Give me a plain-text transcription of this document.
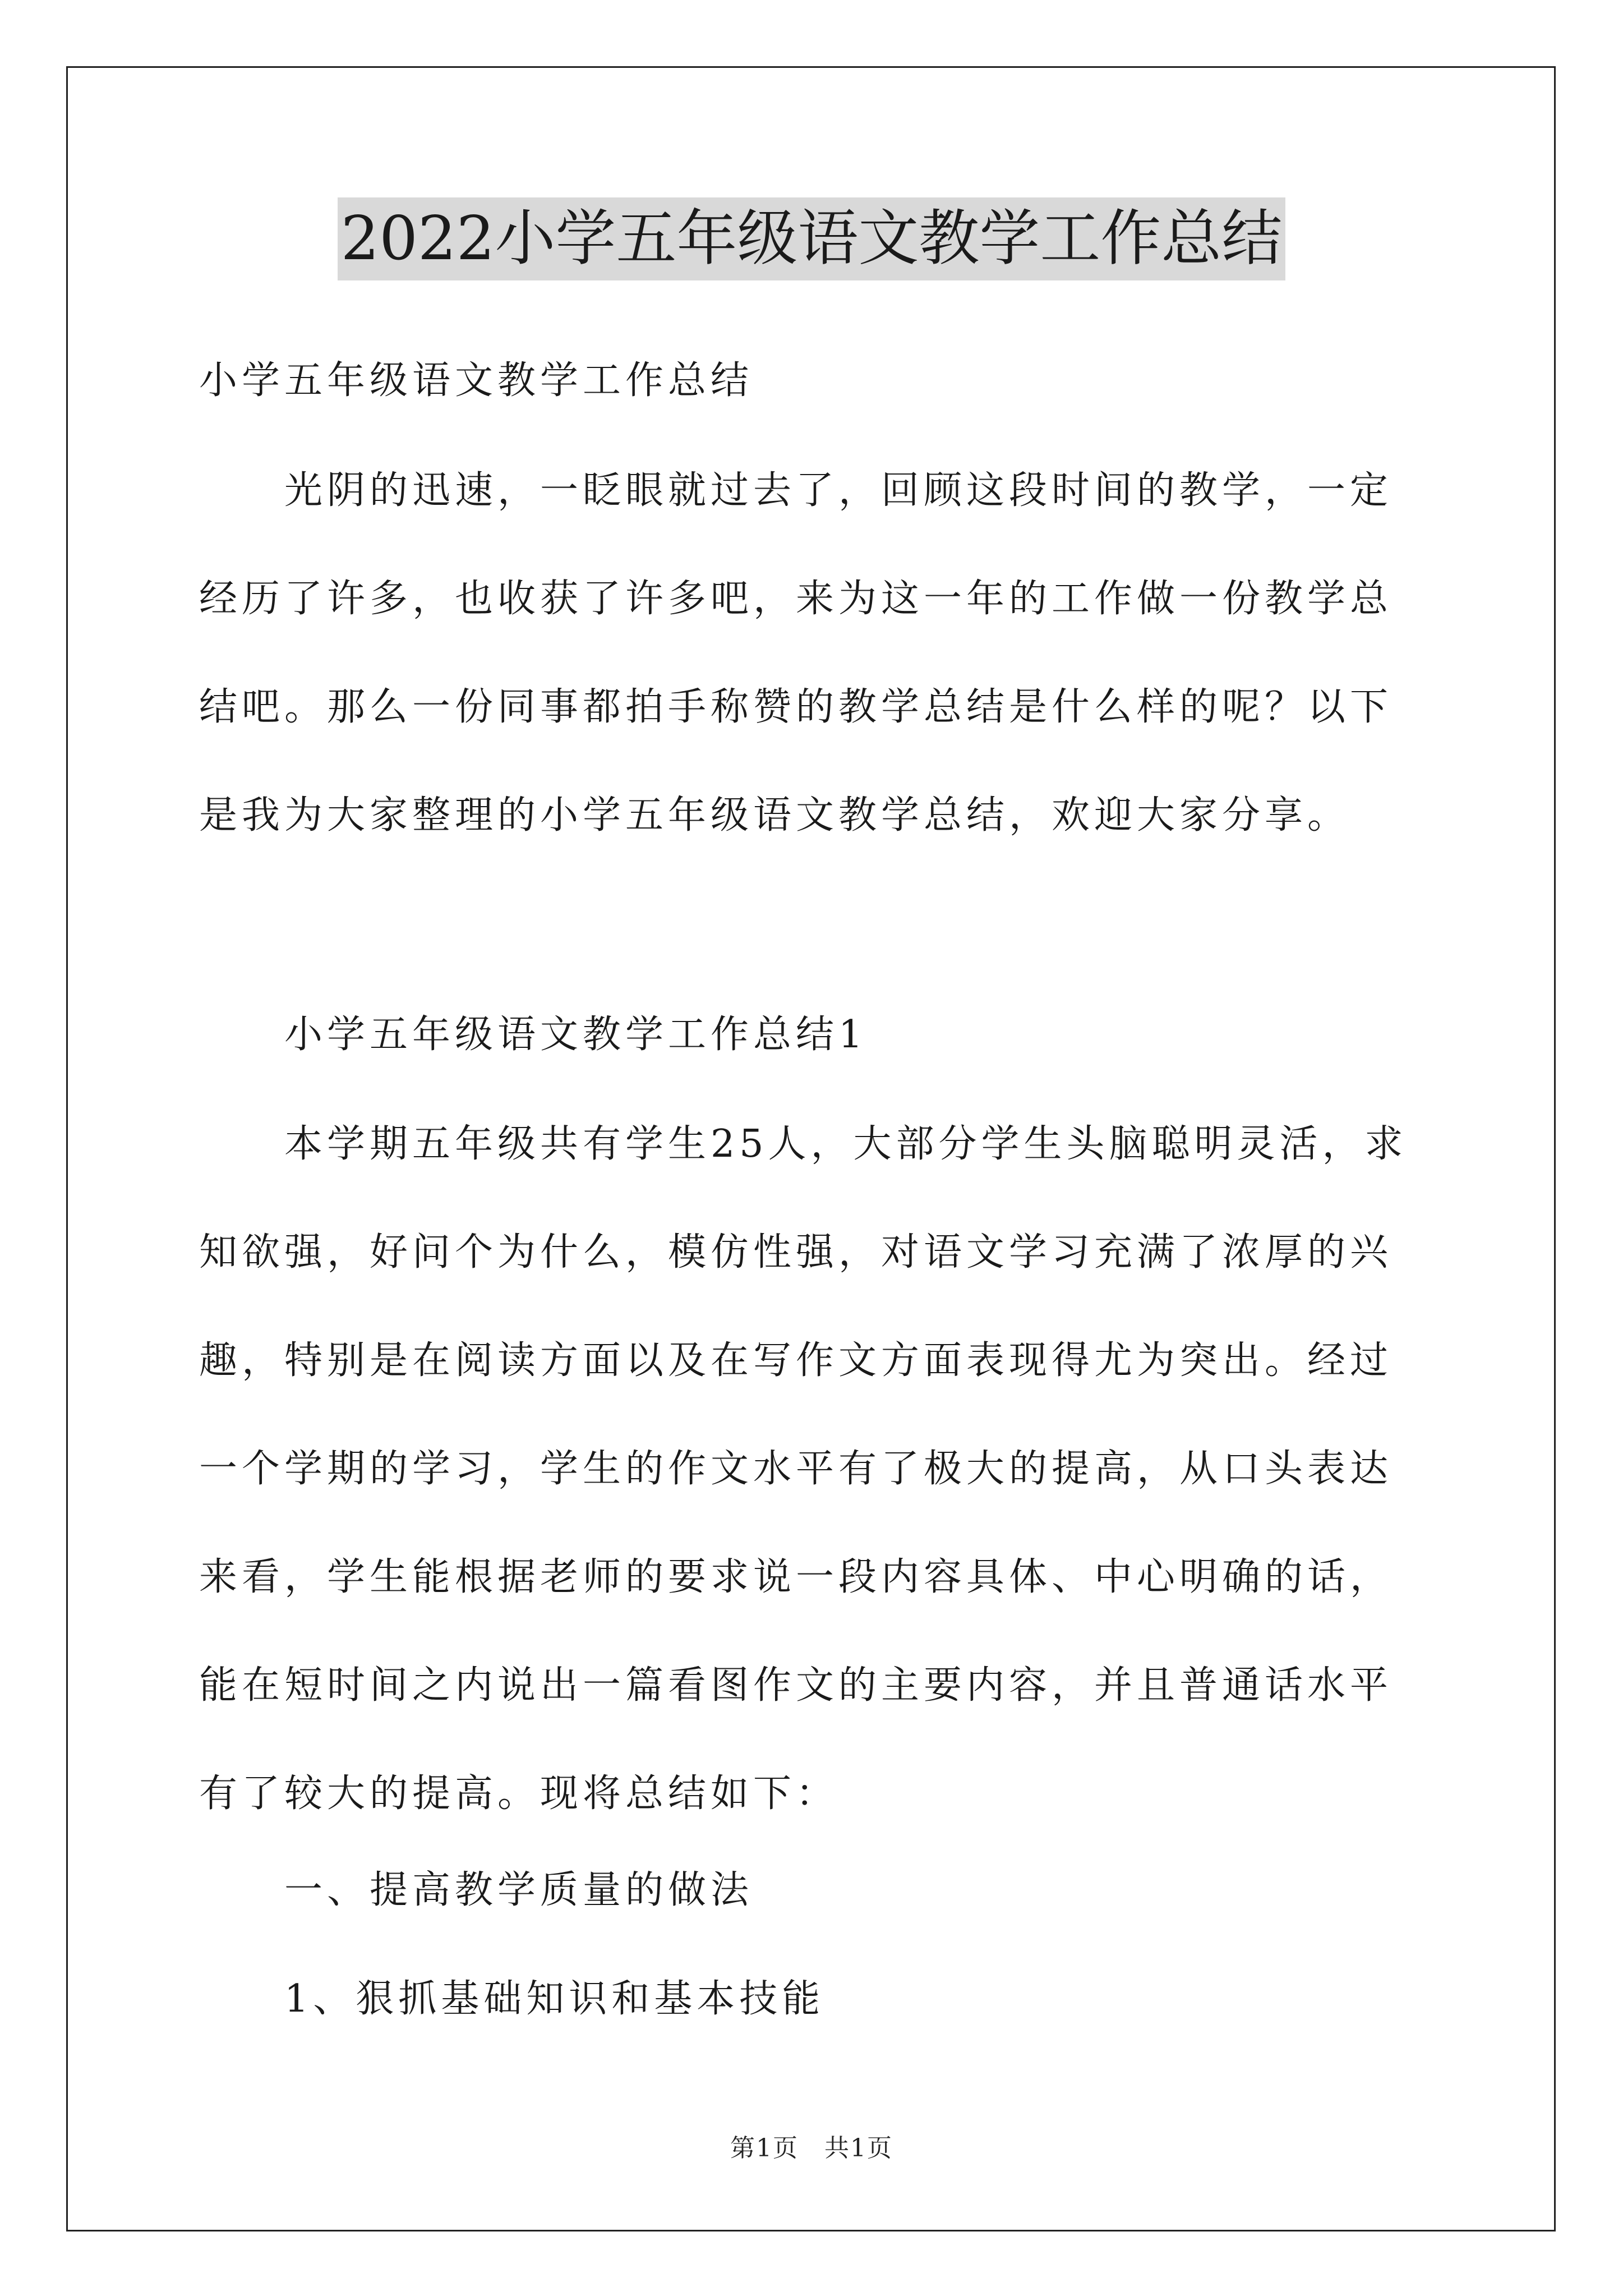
2022小学五年级语文教学工作总结

小学五年级语文教学工作总结

光阴的迅速，一眨眼就过去了，回顾这段时间的教学，一定经历了许多，也收获了许多吧，来为这一年的工作做一份教学总结吧。那么一份同事都拍手称赞的教学总结是什么样的呢？以下是我为大家整理的小学五年级语文教学总结，欢迎大家分享。

小学五年级语文教学工作总结1

本学期五年级共有学生25人，大部分学生头脑聪明灵活，求知欲强，好问个为什么，模仿性强，对语文学习充满了浓厚的兴趣，特别是在阅读方面以及在写作文方面表现得尤为突出。经过一个学期的学习，学生的作文水平有了极大的提高，从口头表达来看，学生能根据老师的要求说一段内容具体、中心明确的话，能在短时间之内说出一篇看图作文的主要内容，并且普通话水平有了较大的提高。现将总结如下：

一、提高教学质量的做法

1、狠抓基础知识和基本技能

第1页　共1页
